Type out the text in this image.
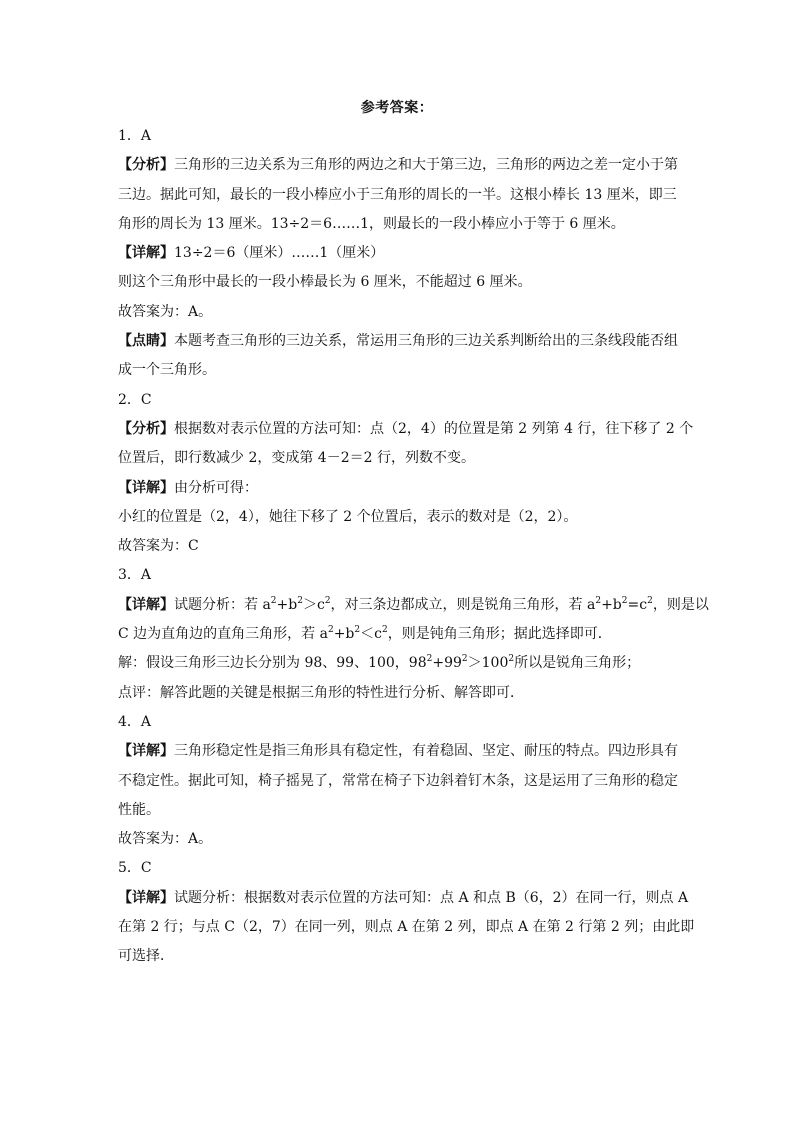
参考答案：
1．A
【分析】三角形的三边关系为三角形的两边之和大于第三边，三角形的两边之差一定小于第
三边。据此可知，最长的一段小棒应小于三角形的周长的一半。这根小棒长 13 厘米，即三
角形的周长为 13 厘米。13÷2＝6……1，则最长的一段小棒应小于等于 6 厘米。
【详解】13÷2＝6（厘米）……1（厘米）
则这个三角形中最长的一段小棒最长为 6 厘米，不能超过 6 厘米。
故答案为：A。
【点睛】本题考查三角形的三边关系，常运用三角形的三边关系判断给出的三条线段能否组
成一个三角形。
2．C
【分析】根据数对表示位置的方法可知：点（2，4）的位置是第 2 列第 4 行，往下移了 2 个
位置后，即行数减少 2，变成第 4－2＝2 行，列数不变。
【详解】由分析可得：
小红的位置是（2，4），她往下移了 2 个位置后，表示的数对是（2，2）。
故答案为：C
3．A
【详解】试题分析：若 $a^2+b^2>c^2$，对三条边都成立，则是锐角三角形，若 $a^2+b^2=c^2$，则是以
C 边为直角边的直角三角形，若 $a^2+b^2<c^2$，则是钝角三角形；据此选择即可．
解：假设三角形三边长分别为 98、99、100，$98^2+99^2>100^2$所以是锐角三角形；
点评：解答此题的关键是根据三角形的特性进行分析、解答即可．
4．A
【详解】三角形稳定性是指三角形具有稳定性，有着稳固、坚定、耐压的特点。四边形具有
不稳定性。据此可知，椅子摇晃了，常常在椅子下边斜着钉木条，这是运用了三角形的稳定
性能。
故答案为：A。
5．C
【详解】试题分析：根据数对表示位置的方法可知：点 A 和点 B（6，2）在同一行，则点 A
在第 2 行；与点 C（2，7）在同一列，则点 A 在第 2 列，即点 A 在第 2 行第 2 列；由此即
可选择．
